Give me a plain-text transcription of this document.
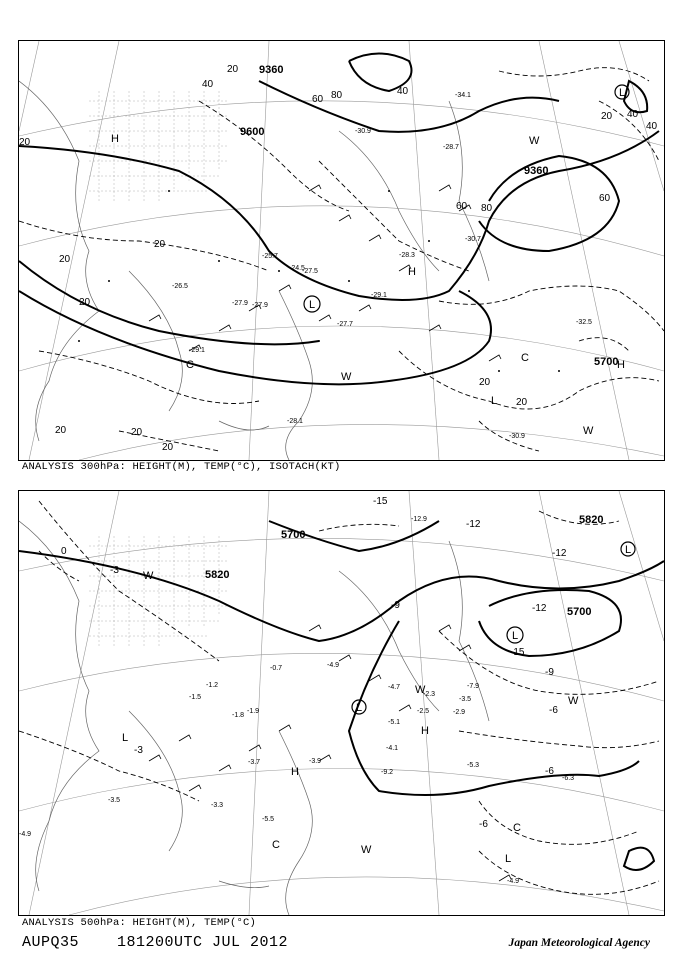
9360
9360
9600
5700
H
H
L
L
L
C
C
W
W
W
H
20
20
20
20
20	20
20
20
40
40
40
60
60
80
80
20
20
20 40
60
-34.1
-30.9
-28.7
-30.7
-28.3
-29.1
-27.7
-26.5
-27.9
-29.1
-28.1
-32.5
-30.9
-25.7
-27.5
-24.5
-27.9
ANALYSIS 300hPa: HEIGHT(M), TEMP(°C), ISOTACH(KT)
5700
5820
5820
5700
W
H
H
L
L
L
L
L
C
C
W
W
W
-15
-12
-15
-12
-12
-9
-9
-6
-6
-6
-3
-3
0
-12.9
-4.9
-4.7
-5.5
-4.9
-3.3
-3.9
-3.7
-3.5
-2.9
-1.9
-0.7
-1.2
-4.1
-5.3
-6.3
-4.9
-7.9
-9.2
-3.5
-2.3
-1.5
-1.8
-2.5
-5.1
ANALYSIS 500hPa: HEIGHT(M), TEMP(°C)
AUPQ35    181200UTC JUL 2012	Japan Meteorological Agency
